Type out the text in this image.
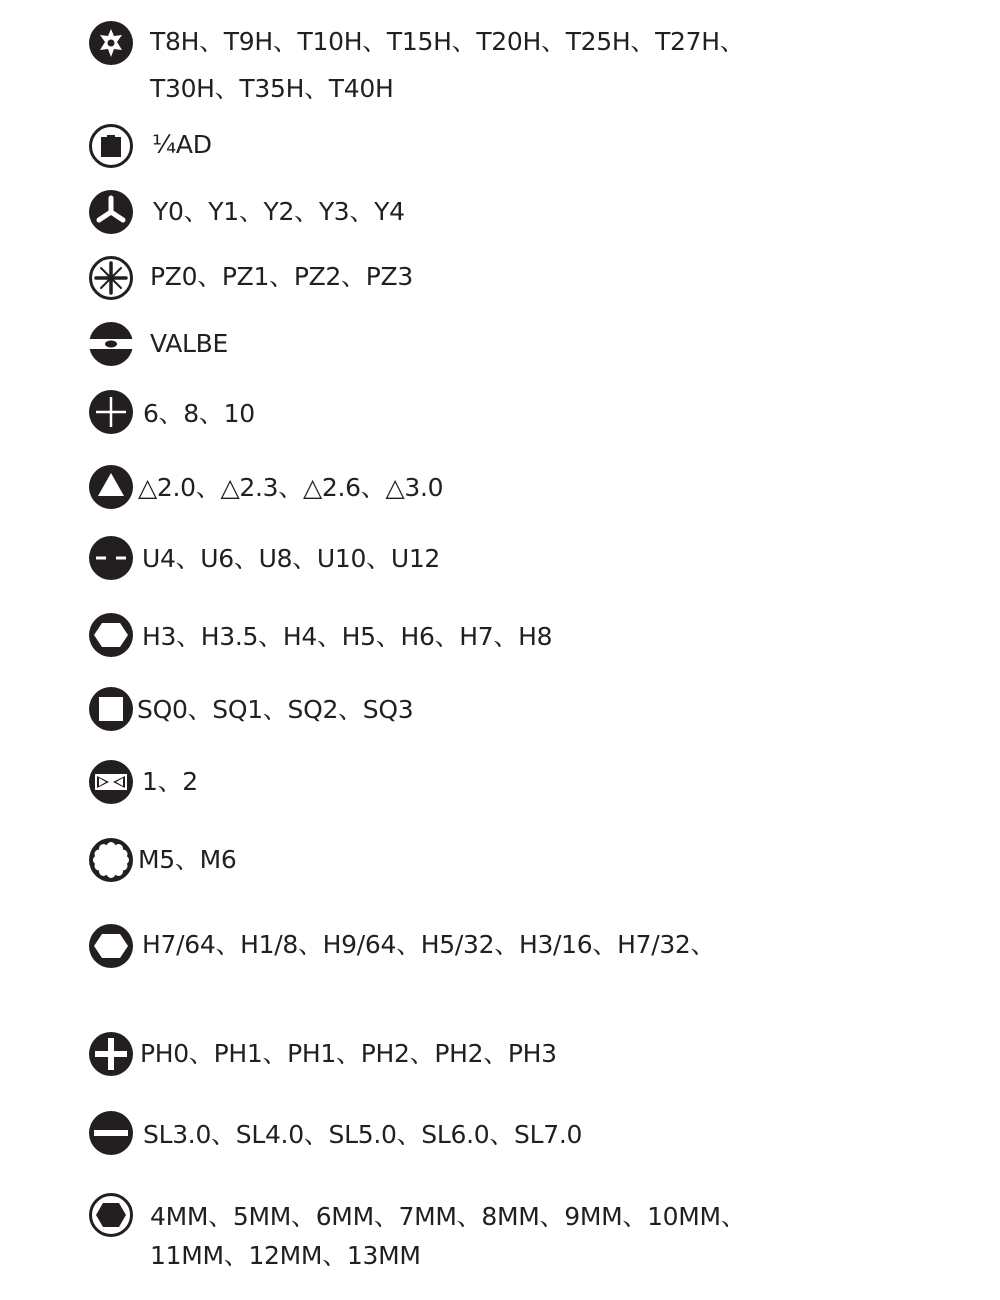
T8H、T9H、T10H、T15H、T20H、T25H、T27H、
T30H、T35H、T40H
¼AD
Y0、Y1、Y2、Y3、Y4
PZ0、PZ1、PZ2、PZ3
VALBE
6、8、10
△2.0、△2.3、△2.6、△3.0
U4、U6、U8、U10、U12
H3、H3.5、H4、H5、H6、H7、H8
SQ0、SQ1、SQ2、SQ3
1、2
M5、M6
H7/64、H1/8、H9/64、H5/32、H3/16、H7/32、
PH0、PH1、PH1、PH2、PH2、PH3
SL3.0、SL4.0、SL5.0、SL6.0、SL7.0
4MM、5MM、6MM、7MM、8MM、9MM、10MM、
11MM、12MM、13MM
